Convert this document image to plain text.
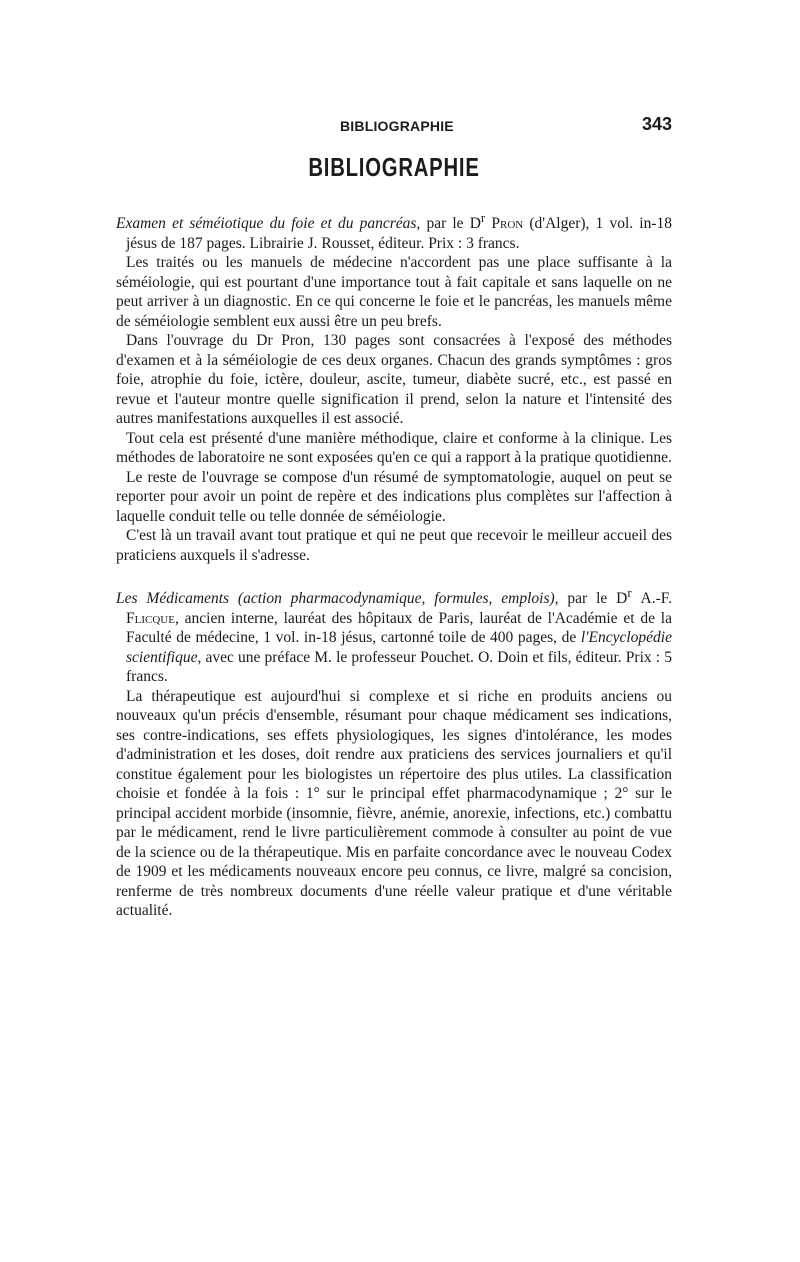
BIBLIOGRAPHIE	343
BIBLIOGRAPHIE

Examen et séméiotique du foie et du pancréas, par le $D^r$ Pron (d'Alger), 1 vol. in-18 jésus de 187 pages. Librairie J. Rousset, éditeur. Prix : 3 francs.

Les traités ou les manuels de médecine n'accordent pas une place suffisante à la séméiologie, qui est pourtant d'une importance tout à fait capitale et sans laquelle on ne peut arriver à un diagnostic. En ce qui concerne le foie et le pancréas, les manuels même de séméiologie semblent eux aussi être un peu brefs.

Dans l'ouvrage du Dr Pron, 130 pages sont consacrées à l'exposé des méthodes d'examen et à la séméiologie de ces deux organes. Chacun des grands symptômes : gros foie, atrophie du foie, ictère, douleur, ascite, tumeur, diabète sucré, etc., est passé en revue et l'auteur montre quelle signification il prend, selon la nature et l'intensité des autres manifestations auxquelles il est associé.

Tout cela est présenté d'une manière méthodique, claire et conforme à la clinique. Les méthodes de laboratoire ne sont exposées qu'en ce qui a rapport à la pratique quotidienne.

Le reste de l'ouvrage se compose d'un résumé de symptomatologie, auquel on peut se reporter pour avoir un point de repère et des indications plus complètes sur l'affection à laquelle conduit telle ou telle donnée de séméiologie.

C'est là un travail avant tout pratique et qui ne peut que recevoir le meilleur accueil des praticiens auxquels il s'adresse.

Les Médicaments (action pharmacodynamique, formules, emplois), par le $D^r$ A.-F. Flicque, ancien interne, lauréat des hôpitaux de Paris, lauréat de l'Académie et de la Faculté de médecine, 1 vol. in-18 jésus, cartonné toile de 400 pages, de l'Encyclopédie scientifique, avec une préface M. le professeur Pouchet. O. Doin et fils, éditeur. Prix : 5 francs.

La thérapeutique est aujourd'hui si complexe et si riche en produits anciens ou nouveaux qu'un précis d'ensemble, résumant pour chaque médicament ses indications, ses contre-indications, ses effets physiologiques, les signes d'intolérance, les modes d'administration et les doses, doit rendre aux praticiens des services journaliers et qu'il constitue également pour les biologistes un répertoire des plus utiles. La classification choisie et fondée à la fois : 1° sur le principal effet pharmacodynamique ; 2° sur le principal accident morbide (insomnie, fièvre, anémie, anorexie, infections, etc.) combattu par le médicament, rend le livre particulièrement commode à consulter au point de vue de la science ou de la thérapeutique. Mis en parfaite concordance avec le nouveau Codex de 1909 et les médicaments nouveaux encore peu connus, ce livre, malgré sa concision, renferme de très nombreux documents d'une réelle valeur pratique et d'une véritable actualité.
